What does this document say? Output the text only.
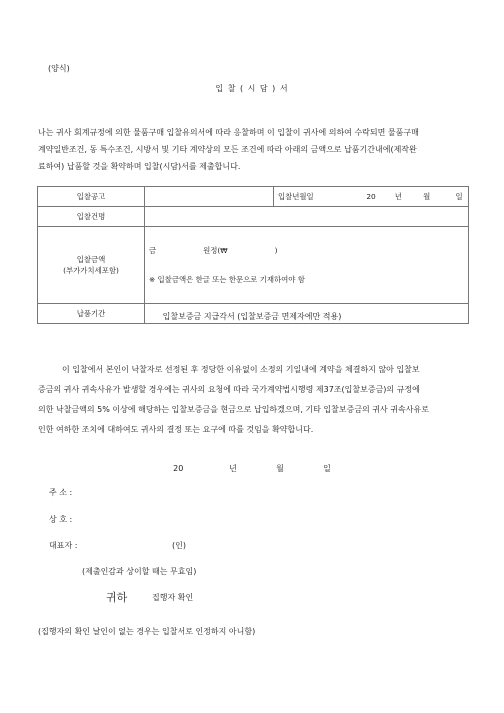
(양식)
입 찰 ( 시 담 ) 서
나는 귀사 회계규정에 의한 물품구매 입찰유의서에 따라 응찰하며 이 입찰이 귀사에 의하여 수락되면 물품구매
계약일반조건, 동 특수조건, 시방서 및 기타 계약상의 모든 조건에 따라 아래의 금액으로 납품기간내에(제작완
료하여) 납품할 것을 확약하며 입찰(시담)서를 제출합니다.
입찰공고		입찰년월일 20 년 월 일
입찰건명		

입찰금액
(부가가치세포함)	금                    원정(₩                    )

※ 입찰금액은 한글 또는 한문으로 기재하여야 함	

납품기간			입찰보증금 지급각서 (입찰보증금 면제자에만 적용)
이 입찰에서 본인이 낙찰자로 선정된 후 정당한 이유없이 소정의 기일내에 계약을 체결하지 않아 입찰보
증금의 귀사 귀속사유가 발생할 경우에는 귀사의 요청에 따라 국가계약법시행령 제37조(입찰보증금)의 규정에
의한 낙찰금액의 5% 이상에 해당하는 입찰보증금을 현금으로 납입하겠으며, 기타 입찰보증금의 귀사 귀속사유로
인한 여하한 조치에 대하여도 귀사의 결정 또는 요구에 따를 것임을 확약합니다.
20       년      월      일
주 소 :
상 호 :
대표자 :	(인)
(제출인감과 상이할 때는 무효임)
귀하	집행자 확인
(집행자의 확인 날인이 없는 경우는 입찰서로 인정하지 아니함)
